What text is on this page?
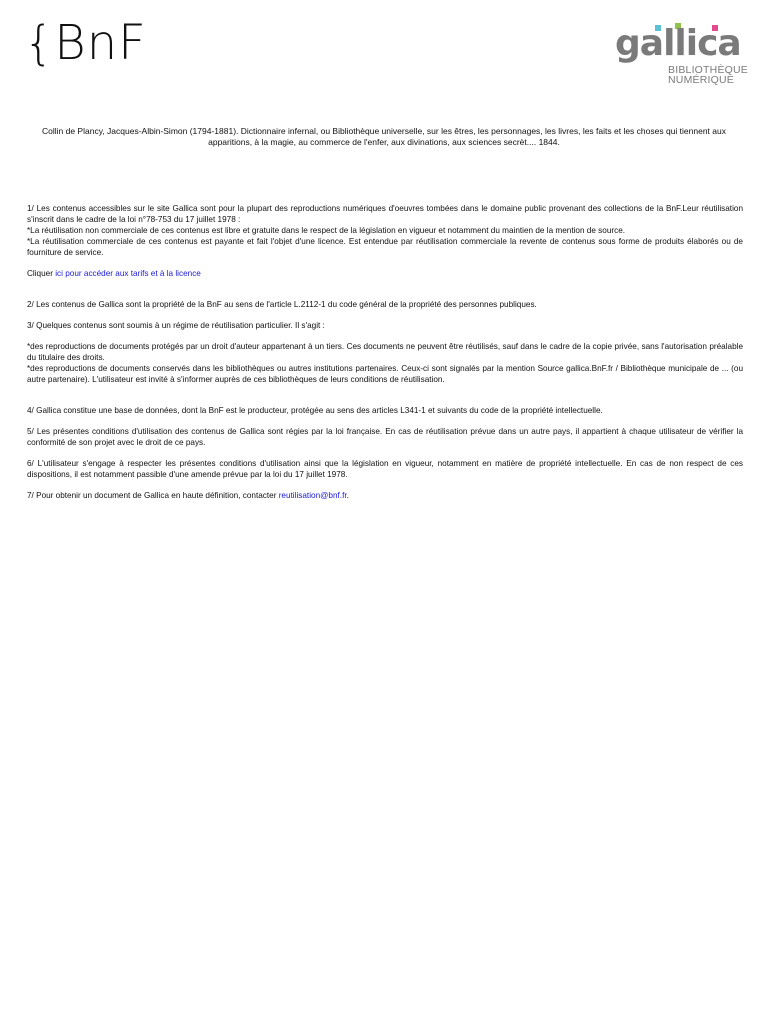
{ BnF	gallica
BIBLIOTHÈQUE
NUMÉRIQUE
Collin de Plancy, Jacques-Albin-Simon (1794-1881). Dictionnaire infernal, ou Bibliothèque universelle, sur les êtres, les personnages, les livres, les faits et les choses qui tiennent aux apparitions, à la magie, au commerce de l'enfer, aux divinations, aux sciences secrèt.... 1844.

1/ Les contenus accessibles sur le site Gallica sont pour la plupart des reproductions numériques d'oeuvres tombées dans le domaine public provenant des collections de la BnF.Leur réutilisation s'inscrit dans le cadre de la loi n°78-753 du 17 juillet 1978 :

*La réutilisation non commerciale de ces contenus est libre et gratuite dans le respect de la législation en vigueur et notamment du maintien de la mention de source.

*La réutilisation commerciale de ces contenus est payante et fait l'objet d'une licence. Est entendue par réutilisation commerciale la revente de contenus sous forme de produits élaborés ou de fourniture de service.

Cliquer ici pour accéder aux tarifs et à la licence

2/ Les contenus de Gallica sont la propriété de la BnF au sens de l'article L.2112-1 du code général de la propriété des personnes publiques.

3/ Quelques contenus sont soumis à un régime de réutilisation particulier. Il s'agit :

*des reproductions de documents protégés par un droit d'auteur appartenant à un tiers. Ces documents ne peuvent être réutilisés, sauf dans le cadre de la copie privée, sans l'autorisation préalable du titulaire des droits.

*des reproductions de documents conservés dans les bibliothèques ou autres institutions partenaires. Ceux-ci sont signalés par la mention Source gallica.BnF.fr / Bibliothèque municipale de ... (ou autre partenaire). L'utilisateur est invité à s'informer auprès de ces bibliothèques de leurs conditions de réutilisation.

4/ Gallica constitue une base de données, dont la BnF est le producteur, protégée au sens des articles L341-1 et suivants du code de la propriété intellectuelle.

5/ Les présentes conditions d'utilisation des contenus de Gallica sont régies par la loi française. En cas de réutilisation prévue dans un autre pays, il appartient à chaque utilisateur de vérifier la conformité de son projet avec le droit de ce pays.

6/ L'utilisateur s'engage à respecter les présentes conditions d'utilisation ainsi que la législation en vigueur, notamment en matière de propriété intellectuelle. En cas de non respect de ces dispositions, il est notamment passible d'une amende prévue par la loi du 17 juillet 1978.

7/ Pour obtenir un document de Gallica en haute définition, contacter reutilisation@bnf.fr.
